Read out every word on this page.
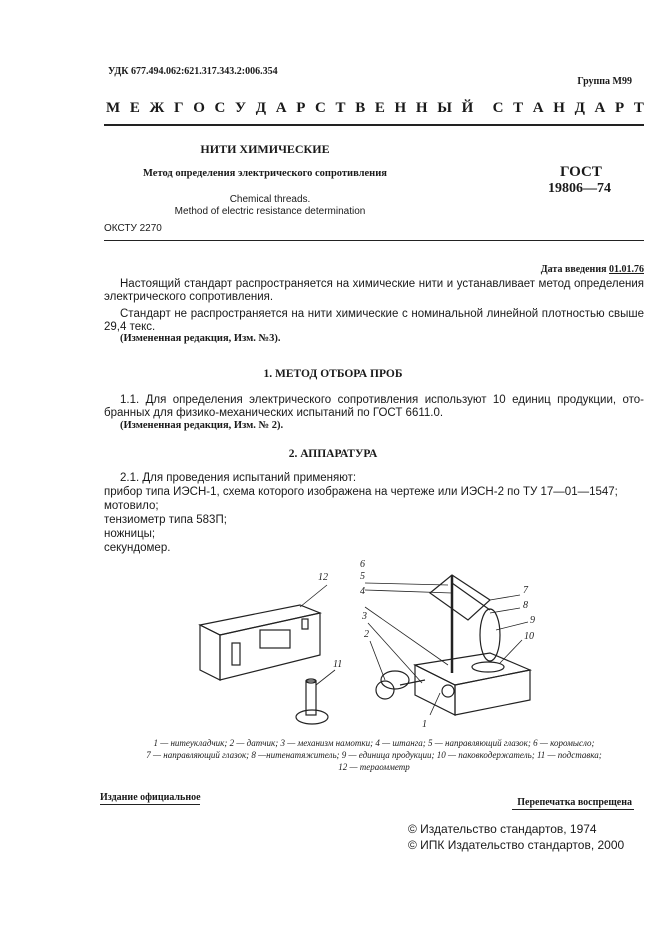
УДК 677.494.062:621.317.343.2:006.354
Группа М99
М Е Ж Г О С У Д А Р С Т В Е Н Н Ы Й С Т А Н Д А Р Т
НИТИ ХИМИЧЕСКИЕ
Метод определения электрического сопротивления	ГОСТ
19806—74
Chemical threads.
Method of electric resistance determination
ОКСТУ 2270
Дата введения 01.01.76
Настоящий стандарт распространяется на химические нити и устанавливает метод определения электрического сопротивления.
Стандарт не распространяется на нити химические с номинальной линейной плотностью свыше 29,4 текс.
(Измененная редакция, Изм. №3).
1. МЕТОД ОТБОРА ПРОБ
1.1. Для определения электрического сопротивления используют 10 единиц продукции, ото-бранных для физико-механических испытаний по ГОСТ 6611.0.
(Измененная редакция, Изм. № 2).
2. АППАРАТУРА
2.1. Для проведения испытаний применяют:
прибор типа ИЭСН-1, схема которого изображена на чертеже или ИЭСН-2 по ТУ 17—01—1547;
мотовило;
тензиометр типа 583П;
ножницы;
секундомер.
12
11
6
5
4
3
2
1
7
8
9
10
1 — нитеукладчик; 2 — датчик; 3 — механизм намотки; 4 — штанга; 5 — направляющий глазок; 6 — коромысло;
7 — направляющий глазок; 8 —нитенатяжитель; 9 — единица продукции; 10 — паковкодержатель; 11 — подставка;
12 — тераомметр
Издание официальное	Перепечатка воспрещена
© Издательство стандартов, 1974
© ИПК Издательство стандартов, 2000
